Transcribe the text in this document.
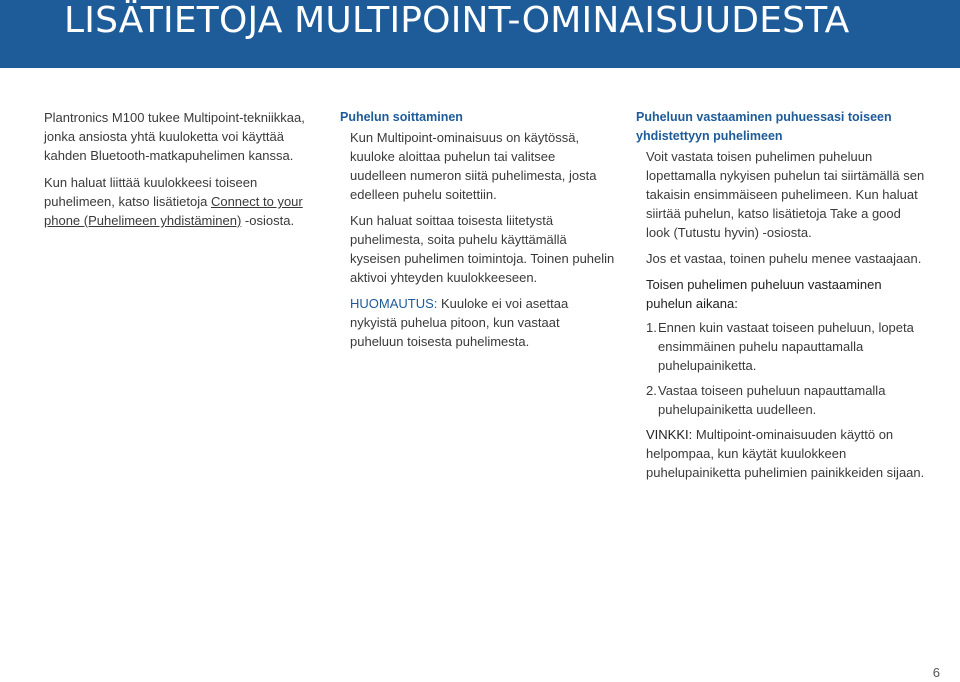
LISÄTIETOJA MULTIPOINT-OMINAISUUDESTA

Plantronics M100 tukee Multipoint-tekniikkaa, jonka ansiosta yhtä kuuloketta voi käyttää kahden Bluetooth-matkapuhelimen kanssa.

Kun haluat liittää kuulokkeesi toiseen puhelimeen, katso lisätietoja Connect to your phone (Puhelimeen yhdistäminen) -osiosta.

Puhelun soittaminen

Kun Multipoint-ominaisuus on käytössä, kuuloke aloittaa puhelun tai valitsee uudelleen numeron siitä puhelimesta, josta edelleen puhelu soitettiin.

Kun haluat soittaa toisesta liitetystä puhelimesta, soita puhelu käyttämällä kyseisen puhelimen toimintoja. Toinen puhelin aktivoi yhteyden kuulokkeeseen.

HUOMAUTUS: Kuuloke ei voi asettaa nykyistä puhelua pitoon, kun vastaat puheluun toisesta puhelimesta.

Puheluun vastaaminen puhuessasi toiseen yhdistettyyn puhelimeen

Voit vastata toisen puhelimen puheluun lopettamalla nykyisen puhelun tai siirtämällä sen takaisin ensimmäiseen puhelimeen. Kun haluat siirtää puhelun, katso lisätietoja Take a good look (Tutustu hyvin) -osiosta.

Jos et vastaa, toinen puhelu menee vastaajaan.

Toisen puhelimen puheluun vastaaminen puhelun aikana:
1. Ennen kuin vastaat toiseen puheluun, lopeta ensimmäinen puhelu napauttamalla puhelupainiketta.
2. Vastaa toiseen puheluun napauttamalla puhelupainiketta uudelleen.

VINKKI: Multipoint-ominaisuuden käyttö on helpompaa, kun käytät kuulokkeen puhelupainiketta puhelimien painikkeiden sijaan.

6
